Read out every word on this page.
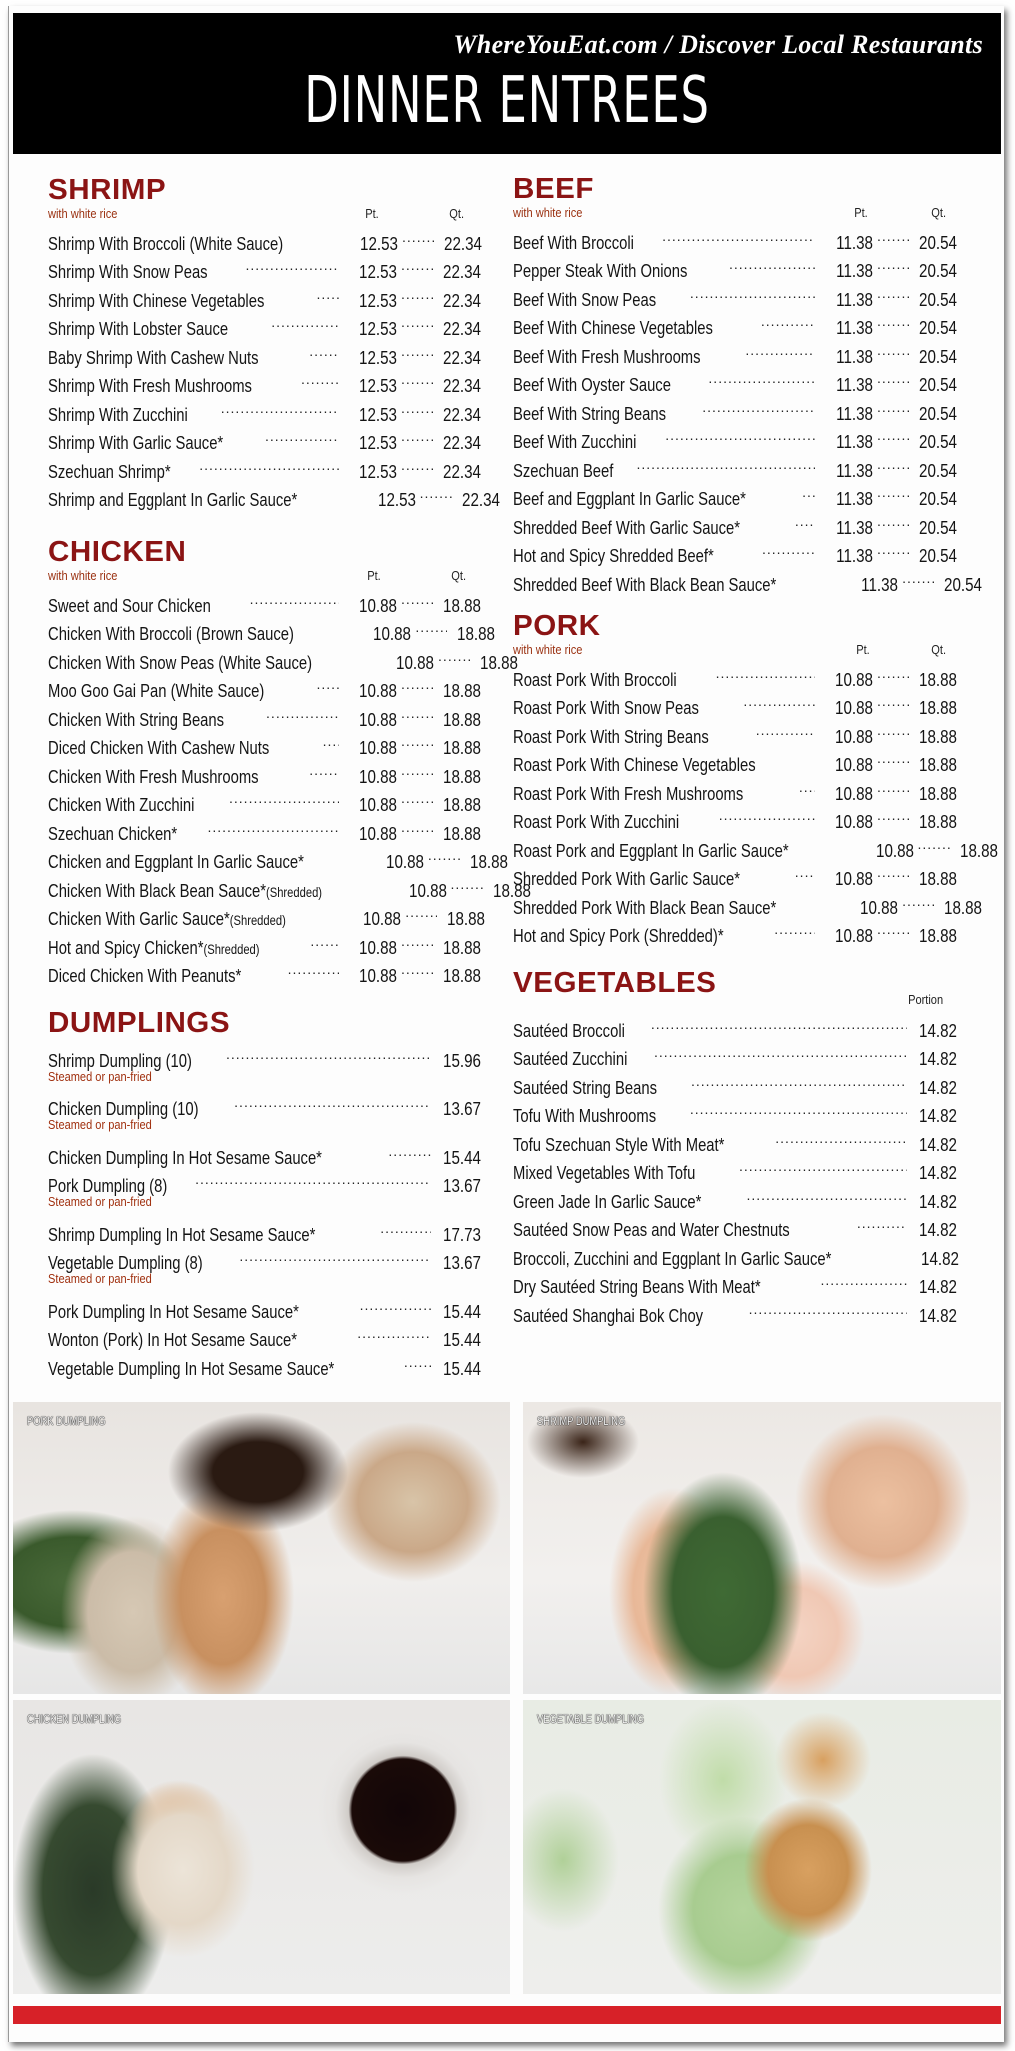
WhereYouEat.com / Discover Local Restaurants
DINNER ENTREES
SHRIMP
with white rice	Pt.	Qt.
Shrimp With Broccoli (White Sauce)	12.53 ....... 22.34
Shrimp With Snow Peas .....	12.53 ....... 22.34
Shrimp With Chinese Vegetables .....	12.53 ....... 22.34
Shrimp With Lobster Sauce .....	12.53 ....... 22.34
Baby Shrimp With Cashew Nuts .....	12.53 ....... 22.34
Shrimp With Fresh Mushrooms .....	12.53 ....... 22.34
Shrimp With Zucchini .....	12.53 ....... 22.34
Shrimp With Garlic Sauce* .....	12.53 ....... 22.34
Szechuan Shrimp* .....	12.53 ....... 22.34
Shrimp and Eggplant In Garlic Sauce*	12.53 ....... 22.34
CHICKEN
with white rice	Pt.	Qt.
Sweet and Sour Chicken .....	10.88 ....... 18.88
Chicken With Broccoli (Brown Sauce)	10.88 ....... 18.88
Chicken With Snow Peas (White Sauce)	10.88 ....... 18.88
Moo Goo Gai Pan (White Sauce) .....	10.88 ....... 18.88
Chicken With String Beans .....	10.88 ....... 18.88
Diced Chicken With Cashew Nuts .....	10.88 ....... 18.88
Chicken With Fresh Mushrooms .....	10.88 ....... 18.88
Chicken With Zucchini .....	10.88 ....... 18.88
Szechuan Chicken* .....	10.88 ....... 18.88
Chicken and Eggplant In Garlic Sauce*	10.88 ....... 18.88
Chicken With Black Bean Sauce*(Shredded)	10.88 ....... 18.88
Chicken With Garlic Sauce*(Shredded)	10.88 ....... 18.88
Hot and Spicy Chicken*(Shredded) .....	10.88 ....... 18.88
Diced Chicken With Peanuts* .....	10.88 ....... 18.88
DUMPLINGS
Shrimp Dumpling (10) .....	15.96
Steamed or pan-fried
Chicken Dumpling (10) .....	13.67
Steamed or pan-fried
Chicken Dumpling In Hot Sesame Sauce* .....	15.44
Pork Dumpling (8) .....	13.67
Steamed or pan-fried
Shrimp Dumpling In Hot Sesame Sauce* .....	17.73
Vegetable Dumpling (8) .....	13.67
Steamed or pan-fried
Pork Dumpling In Hot Sesame Sauce* .....	15.44
Wonton (Pork) In Hot Sesame Sauce* .....	15.44
Vegetable Dumpling In Hot Sesame Sauce* .....	15.44
BEEF
with white rice	Pt.	Qt.
Beef With Broccoli .....	11.38 ....... 20.54
Pepper Steak With Onions .....	11.38 ....... 20.54
Beef With Snow Peas .....	11.38 ....... 20.54
Beef With Chinese Vegetables .....	11.38 ....... 20.54
Beef With Fresh Mushrooms .....	11.38 ....... 20.54
Beef With Oyster Sauce .....	11.38 ....... 20.54
Beef With String Beans .....	11.38 ....... 20.54
Beef With Zucchini .....	11.38 ....... 20.54
Szechuan Beef .....	11.38 ....... 20.54
Beef and Eggplant In Garlic Sauce* .....	11.38 ....... 20.54
Shredded Beef With Garlic Sauce* .....	11.38 ....... 20.54
Hot and Spicy Shredded Beef* .....	11.38 ....... 20.54
Shredded Beef With Black Bean Sauce*	11.38 ....... 20.54
PORK
with white rice	Pt.	Qt.
Roast Pork With Broccoli .....	10.88 ....... 18.88
Roast Pork With Snow Peas .....	10.88 ....... 18.88
Roast Pork With String Beans .....	10.88 ....... 18.88
Roast Pork With Chinese Vegetables .....	10.88 ....... 18.88
Roast Pork With Fresh Mushrooms .....	10.88 ....... 18.88
Roast Pork With Zucchini .....	10.88 ....... 18.88
Roast Pork and Eggplant In Garlic Sauce*	10.88 ....... 18.88
Shredded Pork With Garlic Sauce* .....	10.88 ....... 18.88
Shredded Pork With Black Bean Sauce*	10.88 ....... 18.88
Hot and Spicy Pork (Shredded)* .....	10.88 ....... 18.88
VEGETABLES
Portion
Sautéed Broccoli .....	14.82
Sautéed Zucchini .....	14.82
Sautéed String Beans .....	14.82
Tofu With Mushrooms .....	14.82
Tofu Szechuan Style With Meat* .....	14.82
Mixed Vegetables With Tofu .....	14.82
Green Jade In Garlic Sauce* .....	14.82
Sautéed Snow Peas and Water Chestnuts .....	14.82
Broccoli, Zucchini and Eggplant In Garlic Sauce*	14.82
Dry Sautéed String Beans With Meat* .....	14.82
Sautéed Shanghai Bok Choy .....	14.82
PORK DUMPLING	SHRIMP DUMPLING
CHICKEN DUMPLING	VEGETABLE DUMPLING
